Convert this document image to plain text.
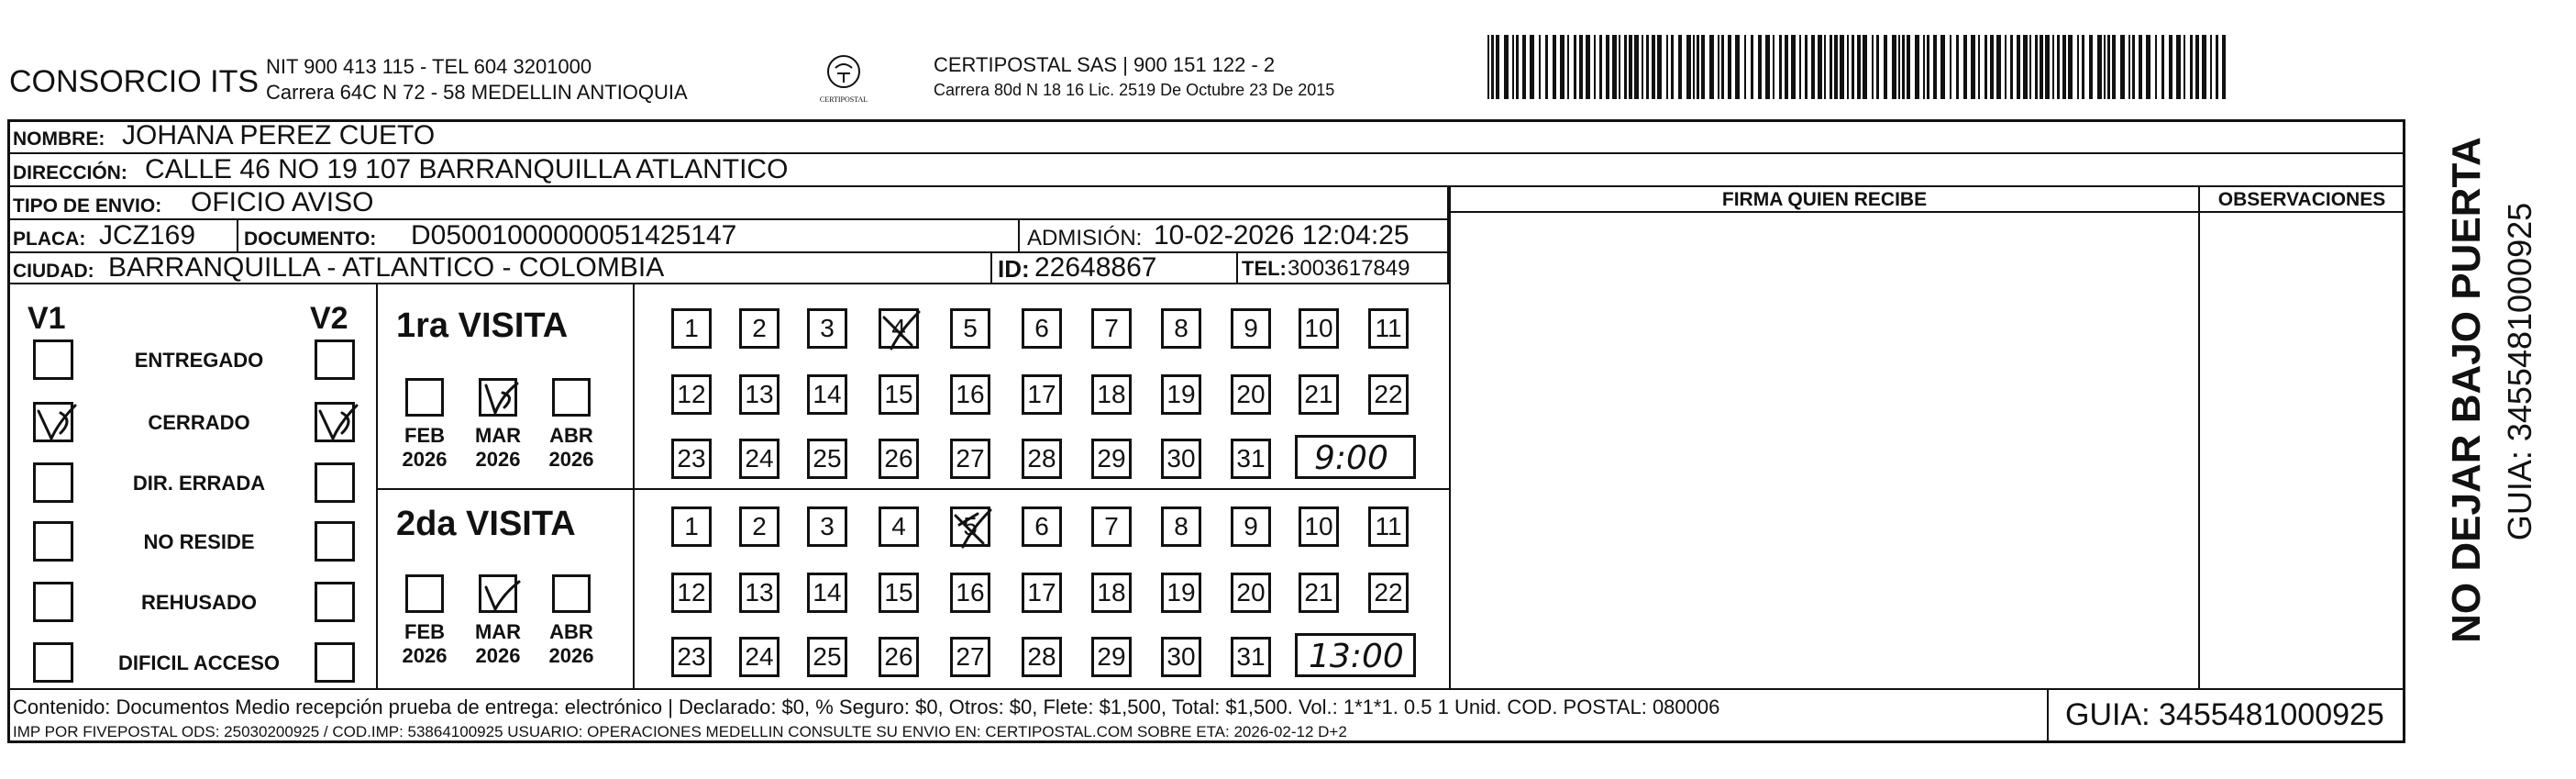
CONSORCIO ITS NIT 900 413 115 - TEL 604 3201000
Carrera 64C N 72 - 58 MEDELLIN ANTIOQUIA	CERTIPOSTAL
CERTIPOSTAL SAS | 900 151 122 - 2
Carrera 80d N 18 16 Lic. 2519 De Octubre 23 De 2015
NOMBRE: JOHANA PEREZ CUETO
DIRECCIÓN: CALLE 46 NO 19 107 BARRANQUILLA ATLANTICO
TIPO DE ENVIO: OFICIO AVISO
PLACA: JCZ169	DOCUMENTO: D05001000000051425147	ADMISIÓN: 10-02-2026 12:04:25
CIUDAD: BARRANQUILLA - ATLANTICO - COLOMBIA	ID: 22648867	TEL: 3003617849
FIRMA QUIEN RECIBE	OBSERVACIONES
V1	V2
ENTREGADO
CERRADO
DIR. ERRADA
NO RESIDE
REHUSADO
DIFICIL ACCESO
1ra VISITA
2da VISITA
FEB
2026
MAR
2026
ABR
2026
FEB
2026
MAR
2026
ABR
2026
1	2	3	4	5	6	7	8	9	10 11
12 13 14 15 16 17 18 19 20 21 22
23 24 25 26 27 28 29 30 31
1	2	3	4	5	6	7	8	9	10 11
12 13 14 15 16 17 18 19 20 21 22
23 24 25 26 27 28 29 30 31
9:00
13:00
Contenido: Documentos Medio recepción prueba de entrega: electrónico | Declarado: $0, % Seguro: $0, Otros: $0, Flete: $1,500, Total: $1,500. Vol.: 1*1*1. 0.5 1 Unid. COD. POSTAL: 080006
IMP POR FIVEPOSTAL ODS: 25030200925 / COD.IMP: 53864100925 USUARIO: OPERACIONES MEDELLIN CONSULTE SU ENVIO EN: CERTIPOSTAL.COM SOBRE ETA: 2026-02-12 D+2	GUIA: 3455481000925
NO DEJAR BAJO PUERTA GUIA: 3455481000925
